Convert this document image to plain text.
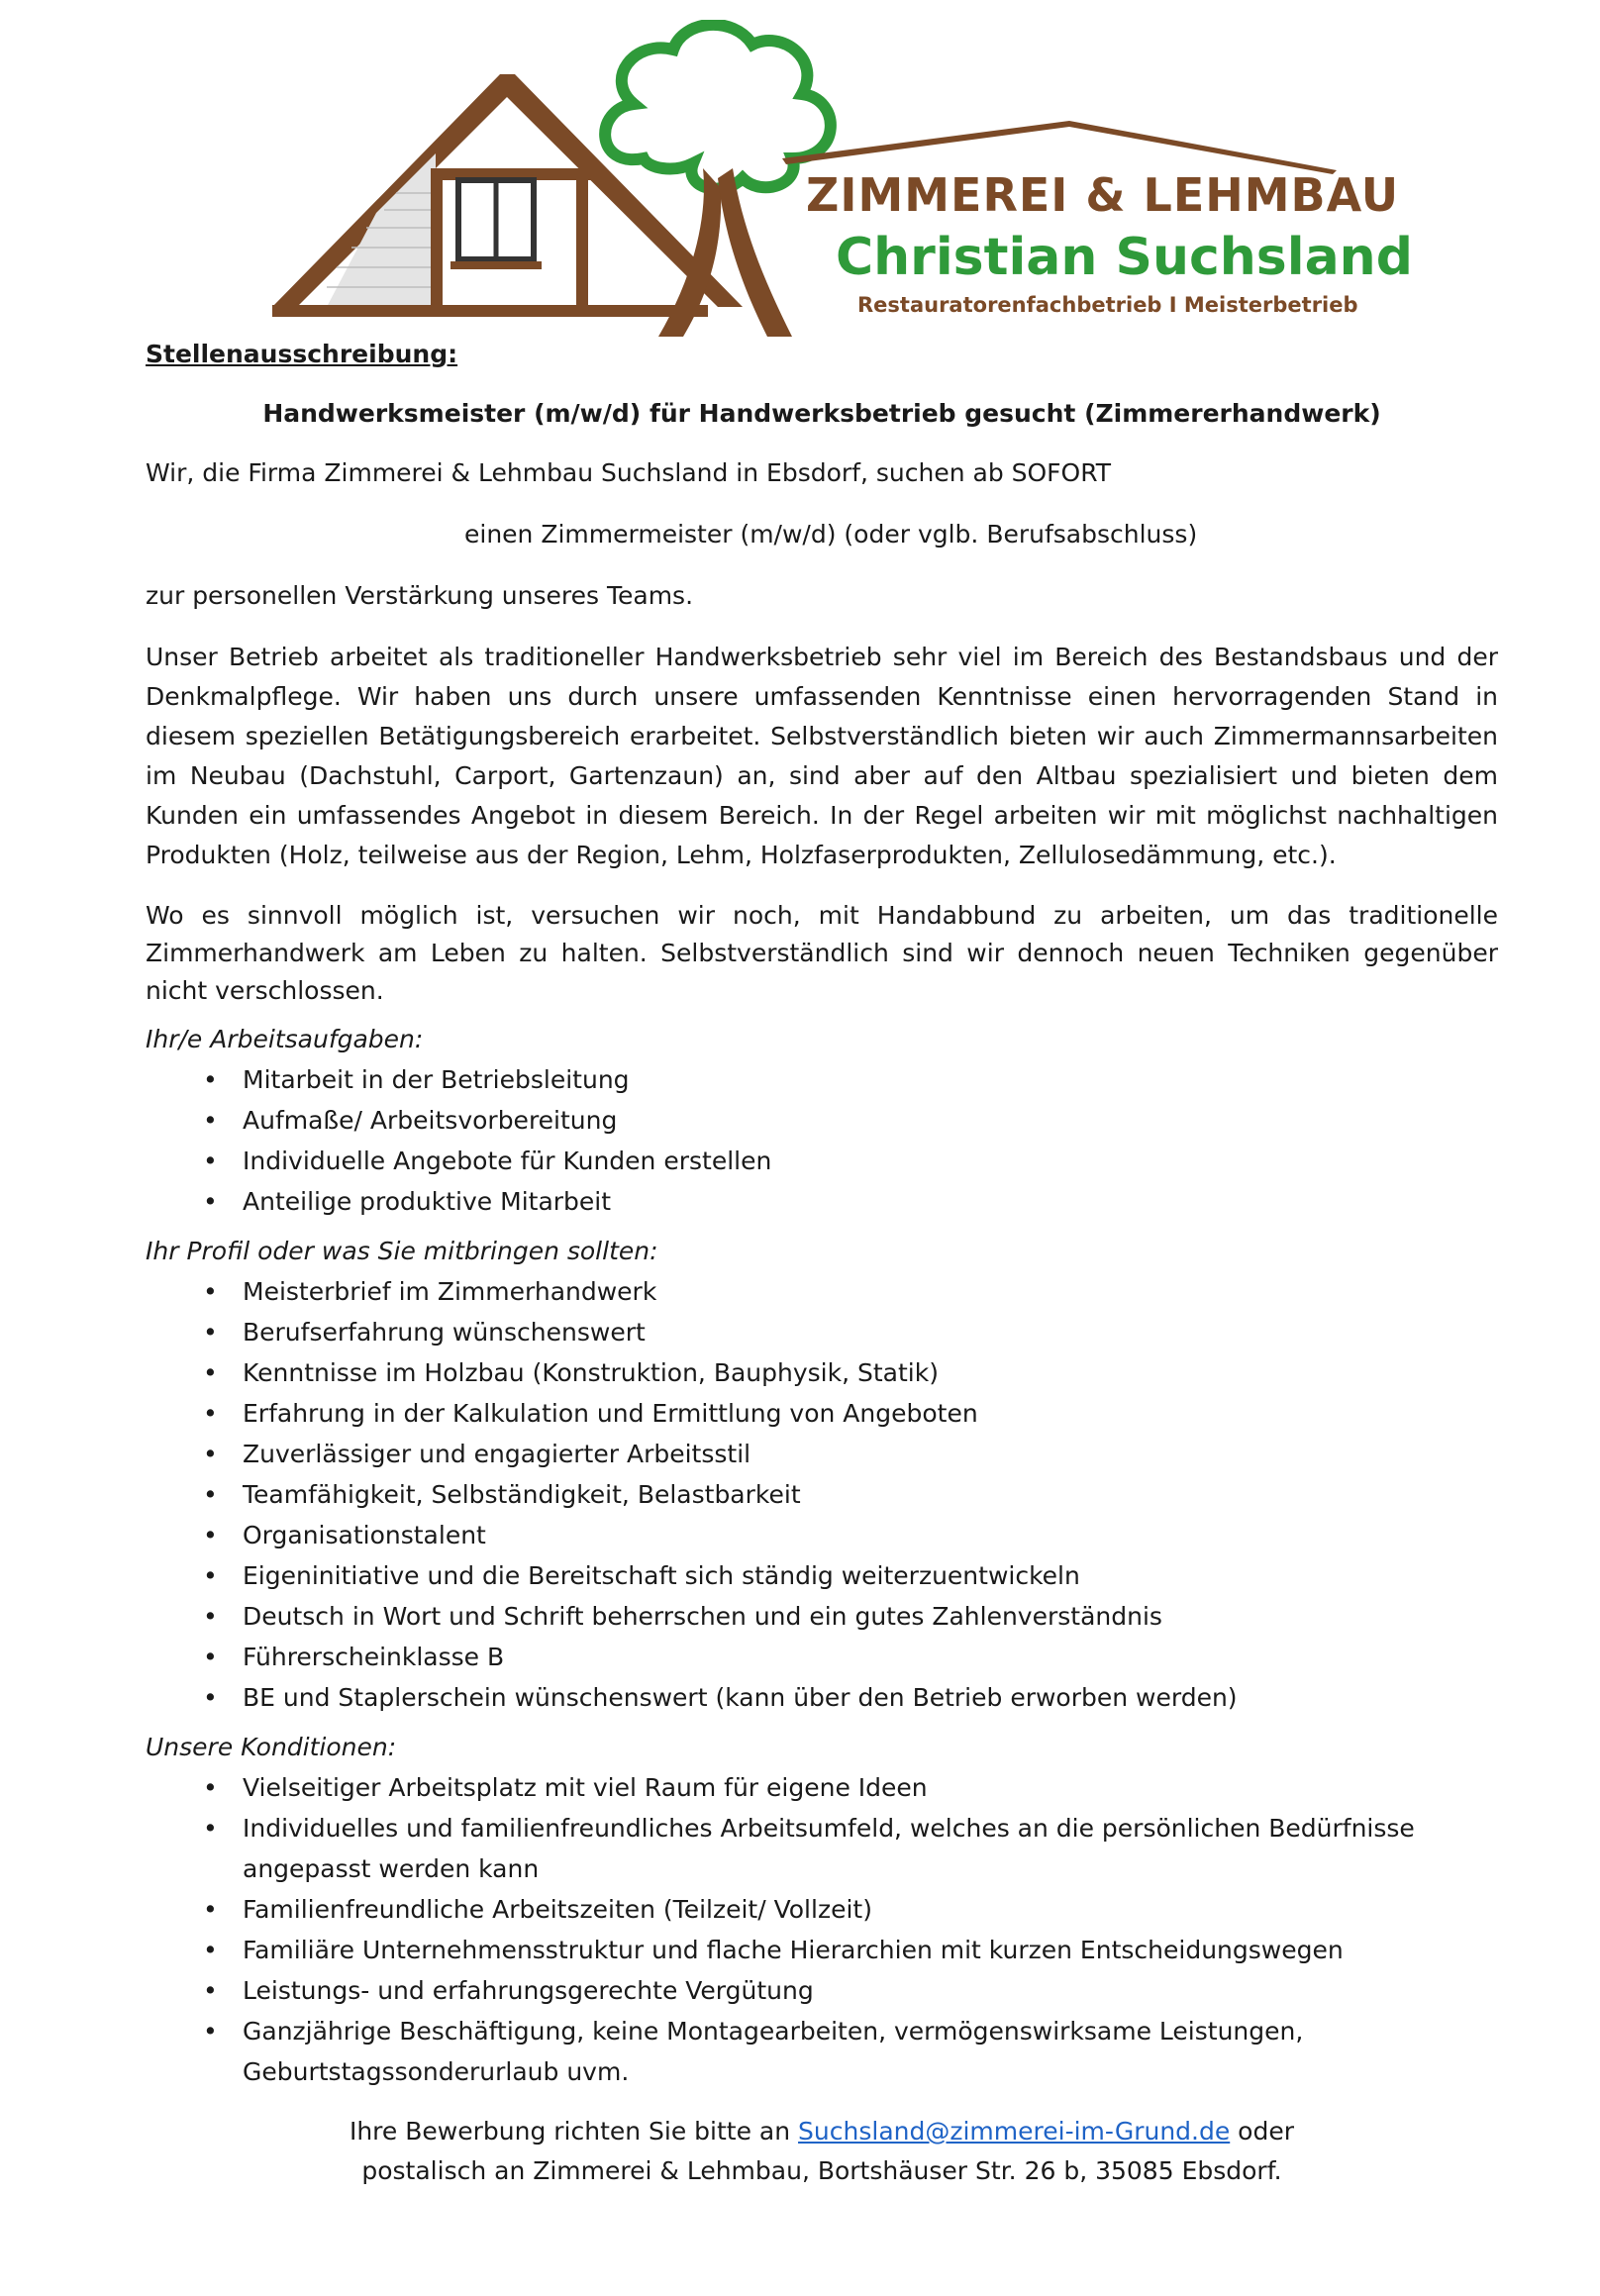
ZIMMEREI & LEHMBAU
Christian Suchsland
Restauratorenfachbetrieb I Meisterbetrieb
Stellenausschreibung:
Handwerksmeister (m/w/d) für Handwerksbetrieb gesucht (Zimmererhandwerk)
Wir, die Firma Zimmerei & Lehmbau Suchsland in Ebsdorf, suchen ab SOFORT
einen Zimmermeister (m/w/d) (oder vglb. Berufsabschluss)
zur personellen Verstärkung unseres Teams.
Unser Betrieb arbeitet als traditioneller Handwerksbetrieb sehr viel im Bereich des Bestandsbaus und der Denkmalpflege. Wir haben uns durch unsere umfassenden Kenntnisse einen hervorragenden Stand in diesem speziellen Betätigungsbereich erarbeitet. Selbstverständlich bieten wir auch Zimmermannsarbeiten im Neubau (Dachstuhl, Carport, Gartenzaun) an, sind aber auf den Altbau spezialisiert und bieten dem Kunden ein umfassendes Angebot in diesem Bereich. In der Regel arbeiten wir mit möglichst nachhaltigen Produkten (Holz, teilweise aus der Region, Lehm, Holzfaserprodukten, Zellulosedämmung, etc.).
Wo es sinnvoll möglich ist, versuchen wir noch, mit Handabbund zu arbeiten, um das traditionelle Zimmerhandwerk am Leben zu halten. Selbstverständlich sind wir dennoch neuen Techniken gegenüber nicht verschlossen.
Ihr/e Arbeitsaufgaben:
• Mitarbeit in der Betriebsleitung
• Aufmaße/ Arbeitsvorbereitung
• Individuelle Angebote für Kunden erstellen
• Anteilige produktive Mitarbeit
Ihr Profil oder was Sie mitbringen sollten:
• Meisterbrief im Zimmerhandwerk
• Berufserfahrung wünschenswert
• Kenntnisse im Holzbau (Konstruktion, Bauphysik, Statik)
• Erfahrung in der Kalkulation und Ermittlung von Angeboten
• Zuverlässiger und engagierter Arbeitsstil
• Teamfähigkeit, Selbständigkeit, Belastbarkeit
• Organisationstalent
• Eigeninitiative und die Bereitschaft sich ständig weiterzuentwickeln
• Deutsch in Wort und Schrift beherrschen und ein gutes Zahlenverständnis
• Führerscheinklasse B
• BE und Staplerschein wünschenswert (kann über den Betrieb erworben werden)
Unsere Konditionen:
• Vielseitiger Arbeitsplatz mit viel Raum für eigene Ideen
• Individuelles und familienfreundliches Arbeitsumfeld, welches an die persönlichen Bedürfnisse angepasst werden kann
• Familienfreundliche Arbeitszeiten (Teilzeit/ Vollzeit)
• Familiäre Unternehmensstruktur und flache Hierarchien mit kurzen Entscheidungswegen
• Leistungs- und erfahrungsgerechte Vergütung
• Ganzjährige Beschäftigung, keine Montagearbeiten, vermögenswirksame Leistungen, Geburtstagssonderurlaub uvm.
Ihre Bewerbung richten Sie bitte an Suchsland@zimmerei-im-Grund.de oder
postalisch an Zimmerei & Lehmbau, Bortshäuser Str. 26 b, 35085 Ebsdorf.
